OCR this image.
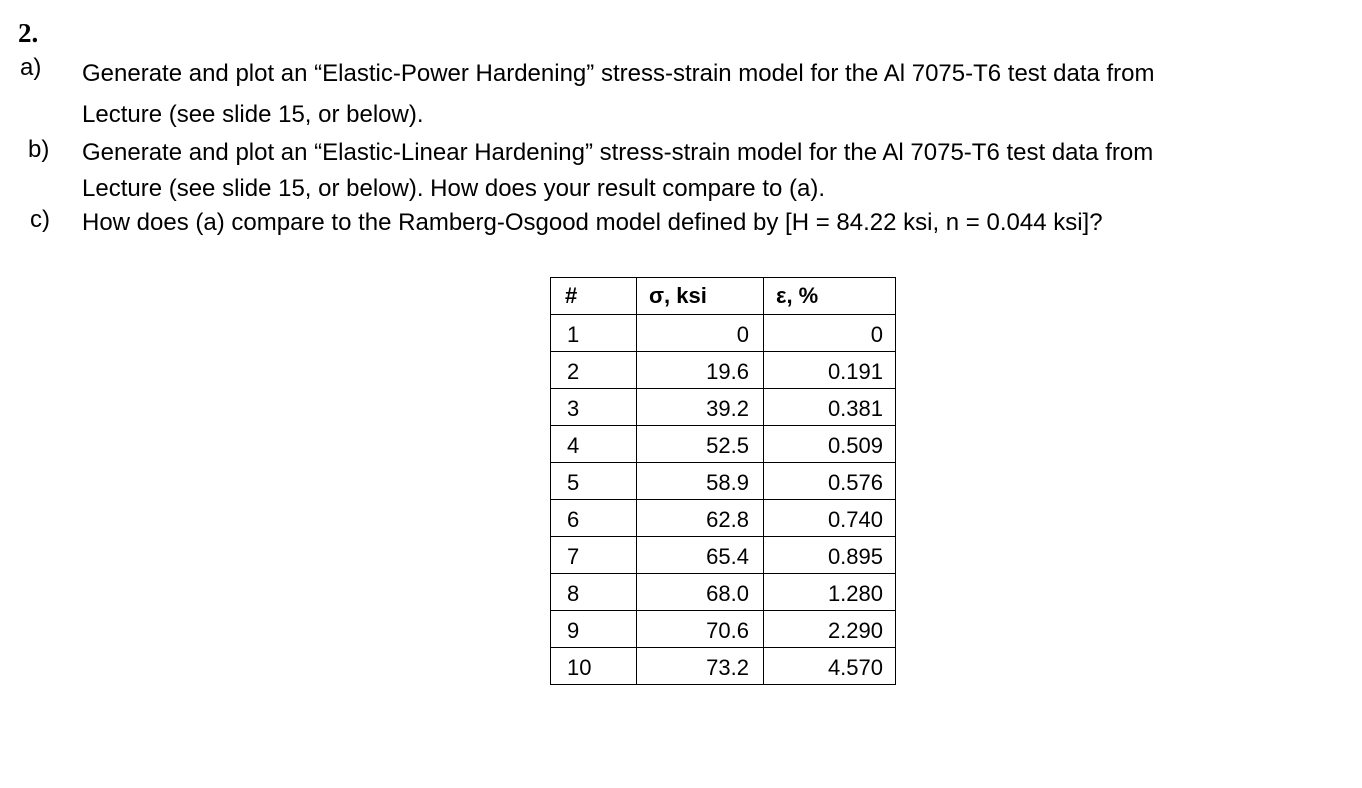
2.
a) Generate and plot an “Elastic-Power Hardening” stress-strain model for the Al 7075-T6 test data from
Lecture (see slide 15, or below).
b) Generate and plot an “Elastic-Linear Hardening” stress-strain model for the Al 7075-T6 test data from
Lecture (see slide 15, or below). How does your result compare to (a).
c) How does (a) compare to the Ramberg-Osgood model defined by [H = 84.22 ksi, n = 0.044 ksi]?
#	σ, ksi	ε, %
1	0	0
2	19.6	0.191
3	39.2	0.381
4	52.5	0.509
5	58.9	0.576
6	62.8	0.740
7	65.4	0.895
8	68.0	1.280
9	70.6	2.290
10	73.2	4.570
